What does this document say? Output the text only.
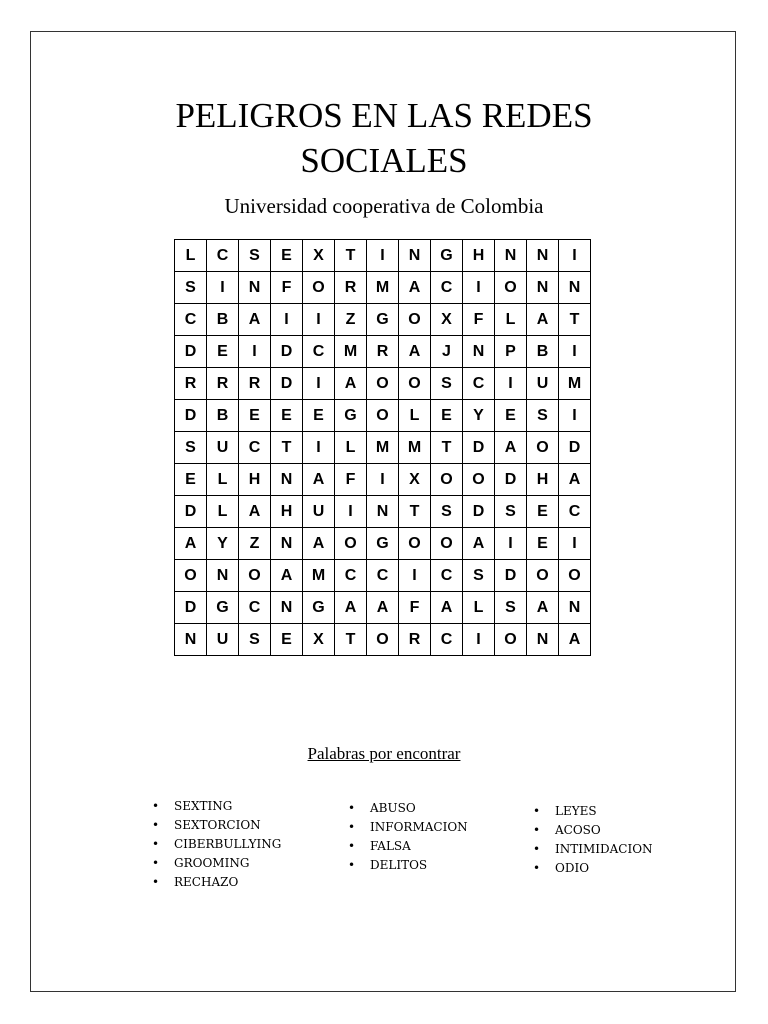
PELIGROS EN LAS REDES
SOCIALES
Universidad cooperativa de Colombia
L	C	S	E	X	T	I	N	G	H	N	N	I
S	I	N	F	O	R	M	A	C	I	O	N	N
C	B	A	I	I	Z	G	O	X	F	L	A	T
D	E	I	D	C	M	R	A	J	N	P	B	I
R	R	R	D	I	A	O	O	S	C	I	U	M
D	B	E	E	E	G	O	L	E	Y	E	S	I
S	U	C	T	I	L	M	M	T	D	A	O	D
E	L	H	N	A	F	I	X	O	O	D	H	A
D	L	A	H	U	I	N	T	S	D	S	E	C
A	Y	Z	N	A	O	G	O	O	A	I	E	I
O	N	O	A	M	C	C	I	C	S	D	O	O
D	G	C	N	G	A	A	F	A	L	S	A	N
N	U	S	E	X	T	O	R	C	I	O	N	A
Palabras por encontrar
• SEXTING
• SEXTORCION
• CIBERBULLYING
• GROOMING
• RECHAZO
• ABUSO
• INFORMACION
• FALSA
• DELITOS
• LEYES
• ACOSO
• INTIMIDACION
• ODIO
